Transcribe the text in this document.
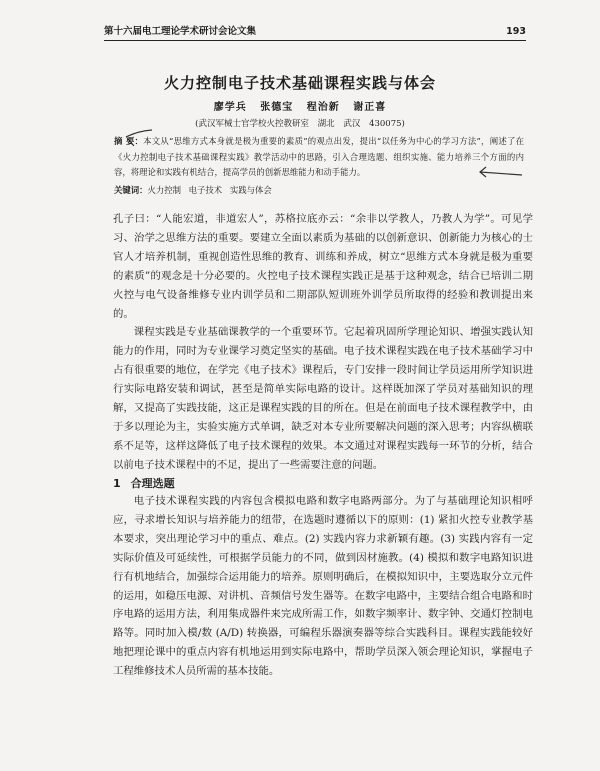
第十六届电工理论学术研讨会论文集	193
火力控制电子技术基础课程实践与体会
廖学兵 张德宝 程治新 谢正喜
(武汉军械士官学校火控教研室 湖北 武汉 430075)
摘 要：本文从“思维方式本身就是极为重要的素质”的观点出发，提出“以任务为中心的学习方法”，阐述了在《火力控制电子技术基础课程实践》教学活动中的思路，引入合理选题、组织实施、能力培养三个方面的内容，将理论和实践有机结合，提高学员的创新思维能力和动手能力。
关键词：火力控制 电子技术 实践与体会

孔子曰：“人能宏道，非道宏人”，苏格拉底亦云：“余非以学教人，乃教人为学”。可见学习、治学之思维方法的重要。要建立全面以素质为基础的以创新意识、创新能力为核心的士官人才培养机制，重视创造性思维的教育、训练和养成，树立“思维方式本身就是极为重要的素质”的观念是十分必要的。火控电子技术课程实践正是基于这种观念，结合已培训二期火控与电气设备维修专业内训学员和二期部队短训班外训学员所取得的经验和教训提出来的。

课程实践是专业基础课教学的一个重要环节。它起着巩固所学理论知识、增强实践认知能力的作用，同时为专业课学习奠定坚实的基础。电子技术课程实践在电子技术基础学习中占有很重要的地位，在学完《电子技术》课程后，专门安排一段时间让学员运用所学知识进行实际电路安装和调试，甚至是简单实际电路的设计。这样既加深了学员对基础知识的理解，又提高了实践技能，这正是课程实践的目的所在。但是在前面电子技术课程教学中，由于多以理论为主，实验实施方式单调，缺乏对本专业所要解决问题的深入思考；内容纵横联系不足等，这样这降低了电子技术课程的效果。本文通过对课程实践每一环节的分析，结合以前电子技术课程中的不足，提出了一些需要注意的问题。

1 合理选题

电子技术课程实践的内容包含模拟电路和数字电路两部分。为了与基础理论知识相呼应，寻求增长知识与培养能力的纽带，在选题时遵循以下的原则：(1) 紧扣火控专业教学基本要求，突出理论学习中的重点、难点。(2) 实践内容力求新颖有趣。(3) 实践内容有一定实际价值及可延续性，可根据学员能力的不同，做到因材施教。(4) 模拟和数字电路知识进行有机地结合，加强综合运用能力的培养。原则明确后，在模拟知识中，主要选取分立元件的运用，如稳压电源、对讲机、音频信号发生器等。在数字电路中，主要结合组合电路和时序电路的运用方法，利用集成器件来完成所需工作，如数字频率计、数字钟、交通灯控制电路等。同时加入模/数 (A/D) 转换器，可编程乐器演奏器等综合实践科目。课程实践能较好地把理论课中的重点内容有机地运用到实际电路中，帮助学员深入领会理论知识，掌握电子工程维修技术人员所需的基本技能。
